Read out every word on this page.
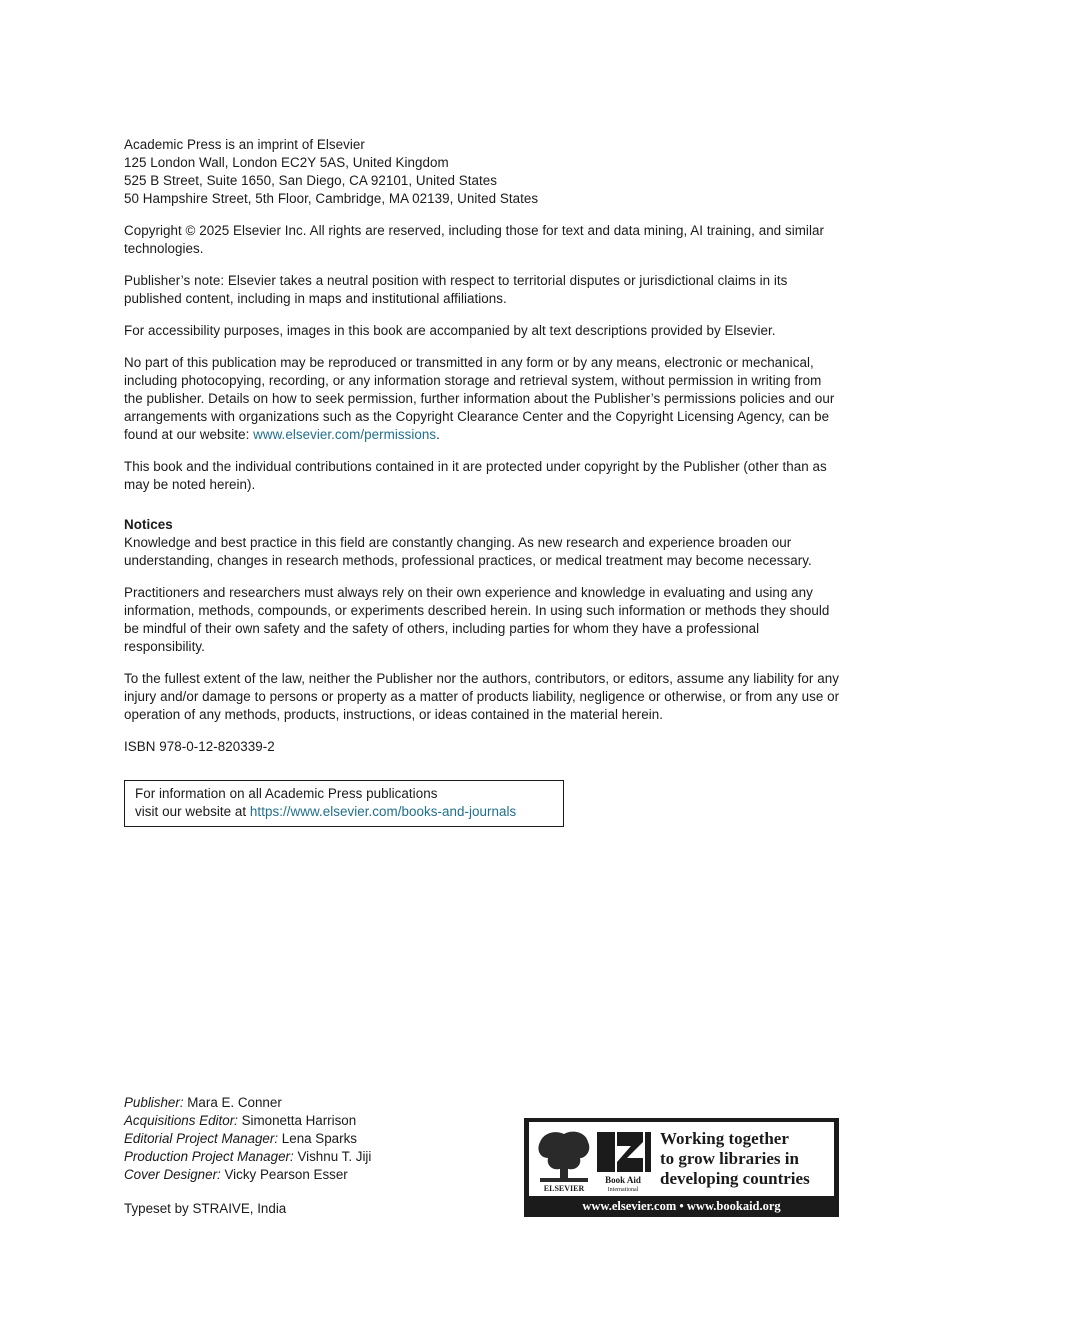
Academic Press is an imprint of Elsevier

125 London Wall, London EC2Y 5AS, United Kingdom

525 B Street, Suite 1650, San Diego, CA 92101, United States

50 Hampshire Street, 5th Floor, Cambridge, MA 02139, United States

Copyright © 2025 Elsevier Inc. All rights are reserved, including those for text and data mining, AI training, and similar technologies.

Publisher’s note: Elsevier takes a neutral position with respect to territorial disputes or jurisdictional claims in its published content, including in maps and institutional affiliations.

For accessibility purposes, images in this book are accompanied by alt text descriptions provided by Elsevier.

No part of this publication may be reproduced or transmitted in any form or by any means, electronic or mechanical, including photocopying, recording, or any information storage and retrieval system, without permission in writing from the publisher. Details on how to seek permission, further information about the Publisher’s permissions policies and our arrangements with organizations such as the Copyright Clearance Center and the Copyright Licensing Agency, can be found at our website: www.elsevier.com/permissions.

This book and the individual contributions contained in it are protected under copyright by the Publisher (other than as may be noted herein).

Notices

Knowledge and best practice in this field are constantly changing. As new research and experience broaden our understanding, changes in research methods, professional practices, or medical treatment may become necessary.

Practitioners and researchers must always rely on their own experience and knowledge in evaluating and using any information, methods, compounds, or experiments described herein. In using such information or methods they should be mindful of their own safety and the safety of others, including parties for whom they have a professional responsibility.

To the fullest extent of the law, neither the Publisher nor the authors, contributors, or editors, assume any liability for any injury and/or damage to persons or property as a matter of products liability, negligence or otherwise, or from any use or operation of any methods, products, instructions, or ideas contained in the material herein.

ISBN 978-0-12-820339-2

For information on all Academic Press publications
visit our website at https://www.elsevier.com/books-and-journals
Publisher: Mara E. Conner
Acquisitions Editor: Simonetta Harrison
Editorial Project Manager: Lena Sparks
Production Project Manager: Vishnu T. Jiji
Cover Designer: Vicky Pearson Esser
Typeset by STRAIVE, India
ELSEVIER
Book Aid
International
Working together
to grow libraries in
developing countries
www.elsevier.com • www.bookaid.org
